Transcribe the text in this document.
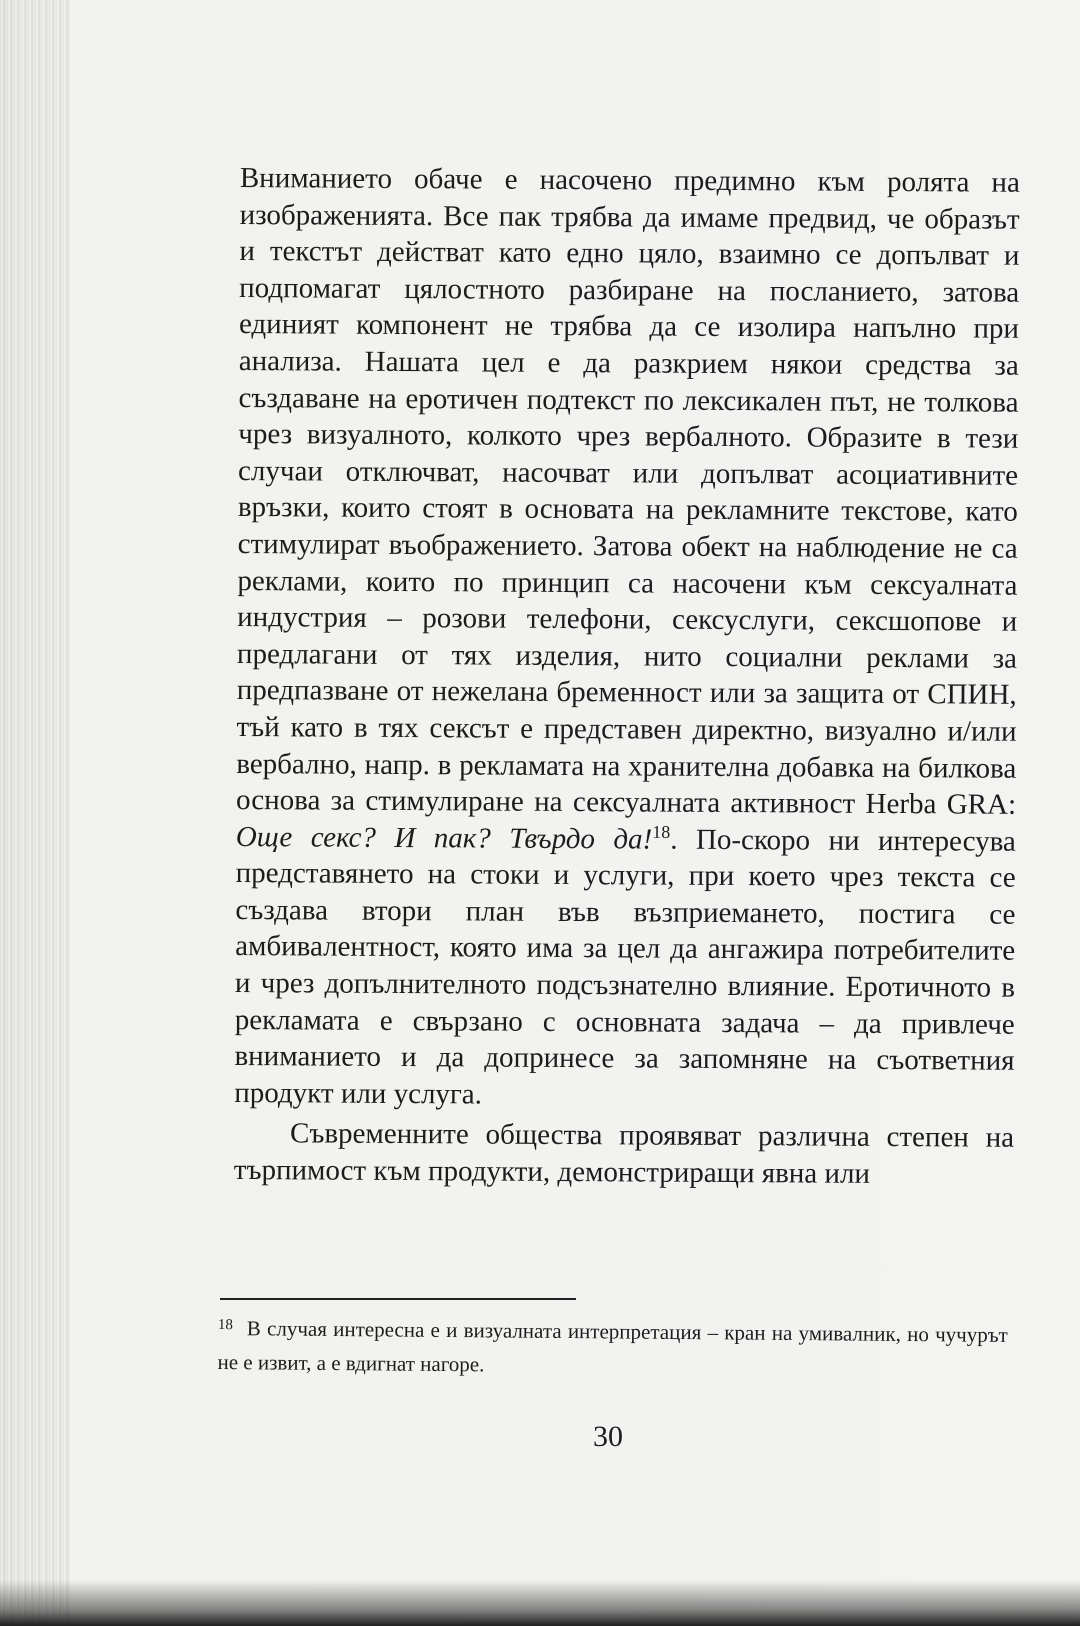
Вниманието обаче е насочено предимно към ролята на изображенията. Все пак трябва да имаме предвид, че образът и текстът действат като едно цяло, взаимно се допълват и подпомагат цялостното разбиране на посланието, затова единият компонент не трябва да се изолира напълно при анализа. Нашата цел е да разкрием някои средства за създаване на еротичен подтекст по лексикален път, не толкова чрез визуалното, колкото чрез вербалното. Образите в тези случаи отключват, насочват или допълват асоциативните връзки, които стоят в основата на рекламните текстове, като стимулират въображението. Затова обект на наблюдение не са реклами, които по принцип са насочени към сексуалната индустрия – розови телефони, сексуслуги, сексшопове и предлагани от тях изделия, нито социални реклами за предпазване от нежелана бременност или за защита от СПИН, тъй като в тях сексът е представен директно, визуално и/или вербално, напр. в рекламата на хранителна добавка на билкова основа за стимулиране на сексуалната активност Herba GRA: Още секс? И пак? Твърдо да!$^{18}$. По-скоро ни интересува представянето на стоки и услуги, при което чрез текста се създава втори план във възприемането, постига се амбивалентност, която има за цел да ангажира потребителите и чрез допълнителното подсъзнателно влияние. Еротичното в рекламата е свързано с основната задача – да привлече вниманието и да допринесе за запомняне на съответния продукт или услуга.

Съвременните общества проявяват различна степен на търпимост към продукти, демонстриращи явна или

$^{18}$ В случая интересна е и визуалната интерпретация – кран на умивалник, но чучурът не е извит, а е вдигнат нагоре.
30
